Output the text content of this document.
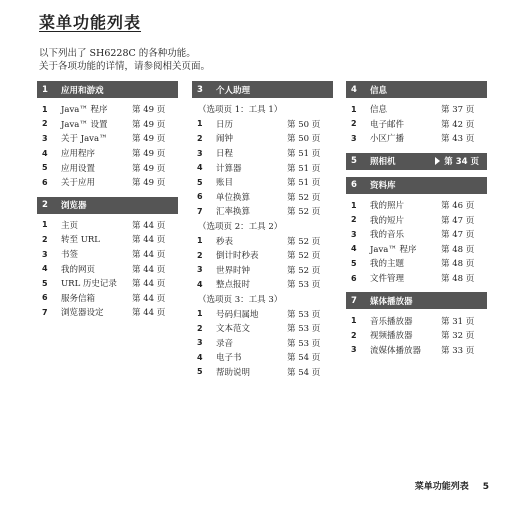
菜单功能列表
以下列出了 SH6228C 的各种功能。
关于各项功能的详情，请参阅相关页面。
1	应用和游戏
1	Java™ 程序	第 49 页
2	Java™ 设置	第 49 页
3	关于 Java™	第 49 页
4	应用程序	第 49 页
5	应用设置	第 49 页
6	关于应用	第 49 页
2	浏览器
1	主页	第 44 页
2	转至 URL	第 44 页
3	书签	第 44 页
4	我的网页	第 44 页
5	URL 历史记录	第 44 页
6	服务信箱	第 44 页
7	浏览器设定	第 44 页
3	个人助理
（选项页 1：工具 1）
1	日历	第 50 页
2	闹钟	第 50 页
3	日程	第 51 页
4	计算器	第 51 页
5	账目	第 51 页
6	单位换算	第 52 页
7	汇率换算	第 52 页
（选项页 2：工具 2）
1	秒表	第 52 页
2	倒计时秒表	第 52 页
3	世界时钟	第 52 页
4	整点报时	第 53 页
（选项页 3：工具 3）
1	号码归属地	第 53 页
2	文本范文	第 53 页
3	录音	第 53 页
4	电子书	第 54 页
5	帮助说明	第 54 页
4	信息
1	信息	第 37 页
2	电子邮件	第 42 页
3	小区广播	第 43 页
5	照相机	第 34 页
6	资料库
1	我的照片	第 46 页
2	我的短片	第 47 页
3	我的音乐	第 47 页
4	Java™ 程序	第 48 页
5	我的主题	第 48 页
6	文件管理	第 48 页
7	媒体播放器
1	音乐播放器	第 31 页
2	视频播放器	第 32 页
3	流媒体播放器	第 33 页
菜单功能列表 5
